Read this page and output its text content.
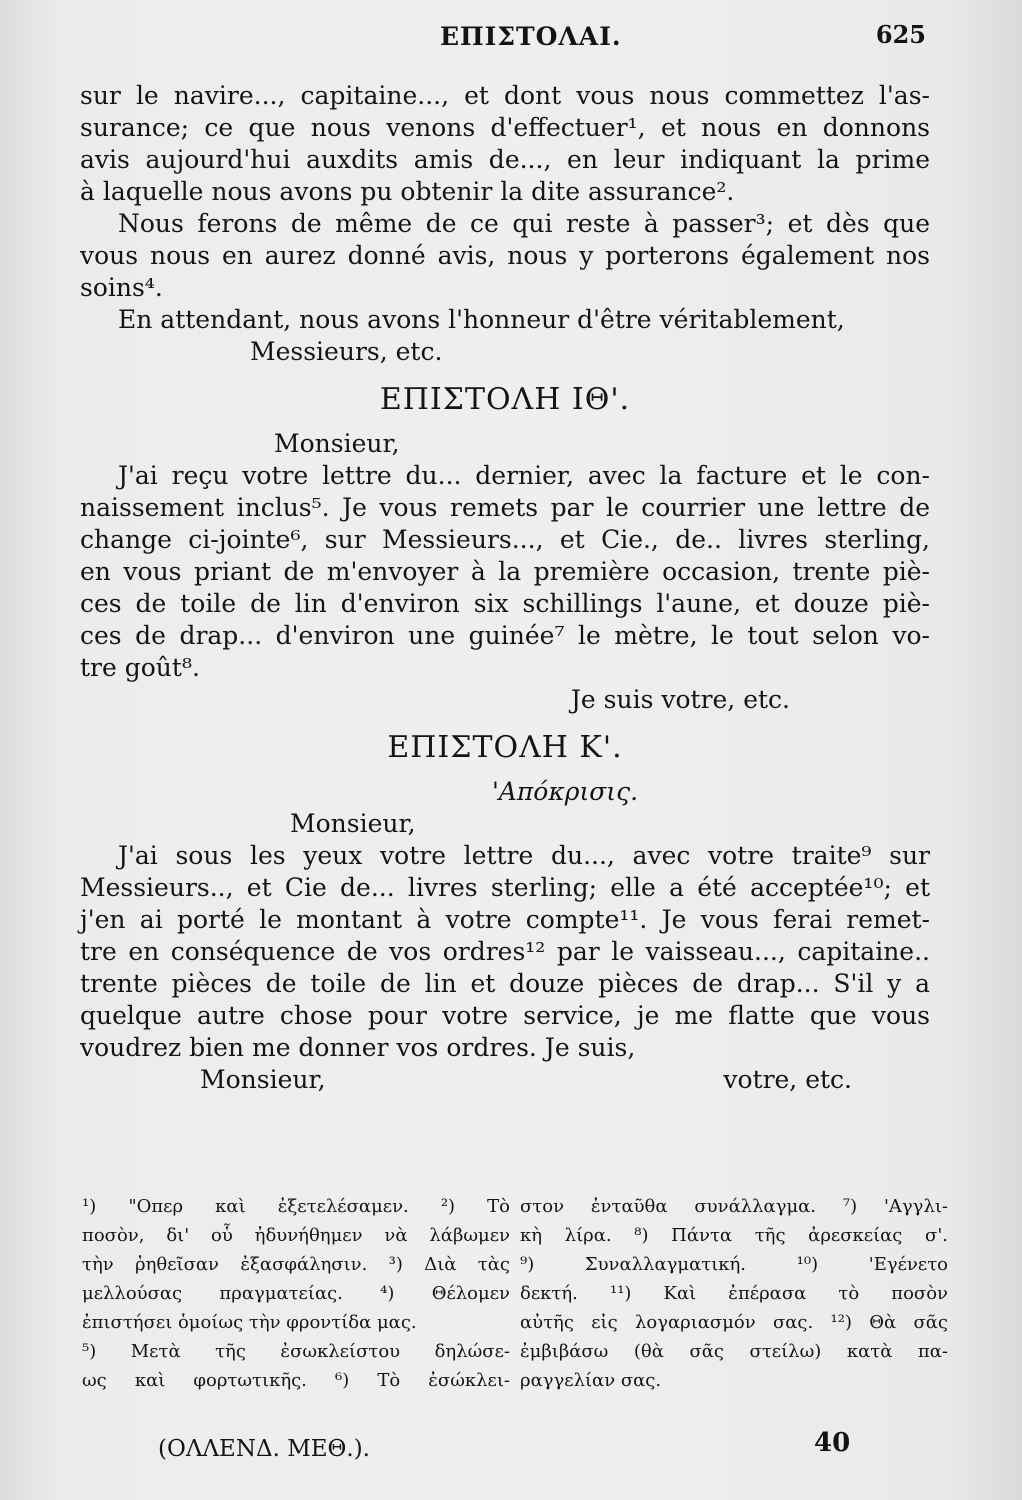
ΕΠΙΣΤΟΛΑΙ.	625
sur le navire..., capitaine..., et dont vous nous commettez l'as-
surance; ce que nous venons d'effectuer¹, et nous en donnons
avis aujourd'hui auxdits amis de..., en leur indiquant la prime
à laquelle nous avons pu obtenir la dite assurance².
Nous ferons de même de ce qui reste à passer³; et dès que
vous nous en aurez donné avis, nous y porterons également nos
soins⁴.
En attendant, nous avons l'honneur d'être véritablement,
Messieurs, etc.
ΕΠΙΣΤΟΛΗ ΙΘ'.
Monsieur,
J'ai reçu votre lettre du... dernier, avec la facture et le con-
naissement inclus⁵. Je vous remets par le courrier une lettre de
change ci-jointe⁶, sur Messieurs..., et Cie., de.. livres sterling,
en vous priant de m'envoyer à la première occasion, trente piè-
ces de toile de lin d'environ six schillings l'aune, et douze piè-
ces de drap... d'environ une guinée⁷ le mètre, le tout selon vo-
tre goût⁸.
Je suis votre, etc.
ΕΠΙΣΤΟΛΗ Κ'.
'Απόκρισις.
Monsieur,
J'ai sous les yeux votre lettre du..., avec votre traite⁹ sur
Messieurs.., et Cie de... livres sterling; elle a été acceptée¹⁰; et
j'en ai porté le montant à votre compte¹¹. Je vous ferai remet-
tre en conséquence de vos ordres¹² par le vaisseau..., capitaine..
trente pièces de toile de lin et douze pièces de drap... S'il y a
quelque autre chose pour votre service, je me flatte que vous
voudrez bien me donner vos ordres. Je suis,
Monsieur,	votre, etc.
¹) "Οπερ καὶ ἐξετελέσαμεν. ²) Τὸ
ποσὸν, δι' οὗ ἠδυνήθημεν νὰ λάβωμεν
τὴν ῥηθεῖσαν ἐξασφάλησιν. ³) Διὰ τὰς
μελλούσας πραγματείας. ⁴) Θέλομεν
ἐπιστήσει ὁμοίως τὴν φροντίδα μας.
⁵) Μετὰ τῆς ἐσωκλείστου δηλώσε-
ως καὶ φορτωτικῆς. ⁶) Τὸ ἐσώκλει-
στον ἐνταῦθα συνάλλαγμα. ⁷) 'Αγγλι-
κὴ λίρα. ⁸) Πάντα τῆς ἀρεσκείας σ'.
⁹) Συναλλαγματική. ¹⁰) 'Εγένετο
δεκτή. ¹¹) Καὶ ἐπέρασα τὸ ποσὸν
αὐτῆς εἰς λογαριασμόν σας. ¹²) Θὰ σᾶς
ἐμβιβάσω (θὰ σᾶς στείλω) κατὰ πα-
ραγγελίαν σας.
(ΟΛΛΕΝΔ. ΜΕΘ.).	40
